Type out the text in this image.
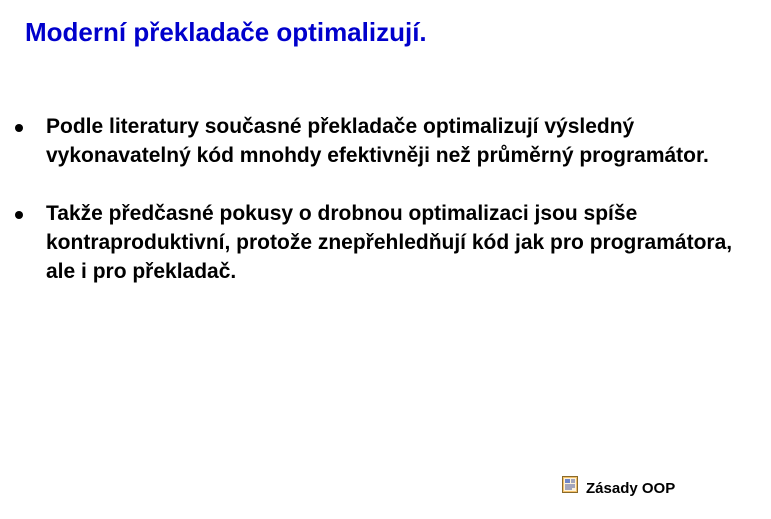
Moderní překladače optimalizují.
Podle literatury současné překladače optimalizují výsledný vykonavatelný kód mnohdy efektivněji než průměrný programátor.
Takže předčasné pokusy o drobnou optimalizaci jsou spíše kontraproduktivní, protože znepřehledňují kód jak pro programátora, ale i pro překladač.
Zásady OOP
